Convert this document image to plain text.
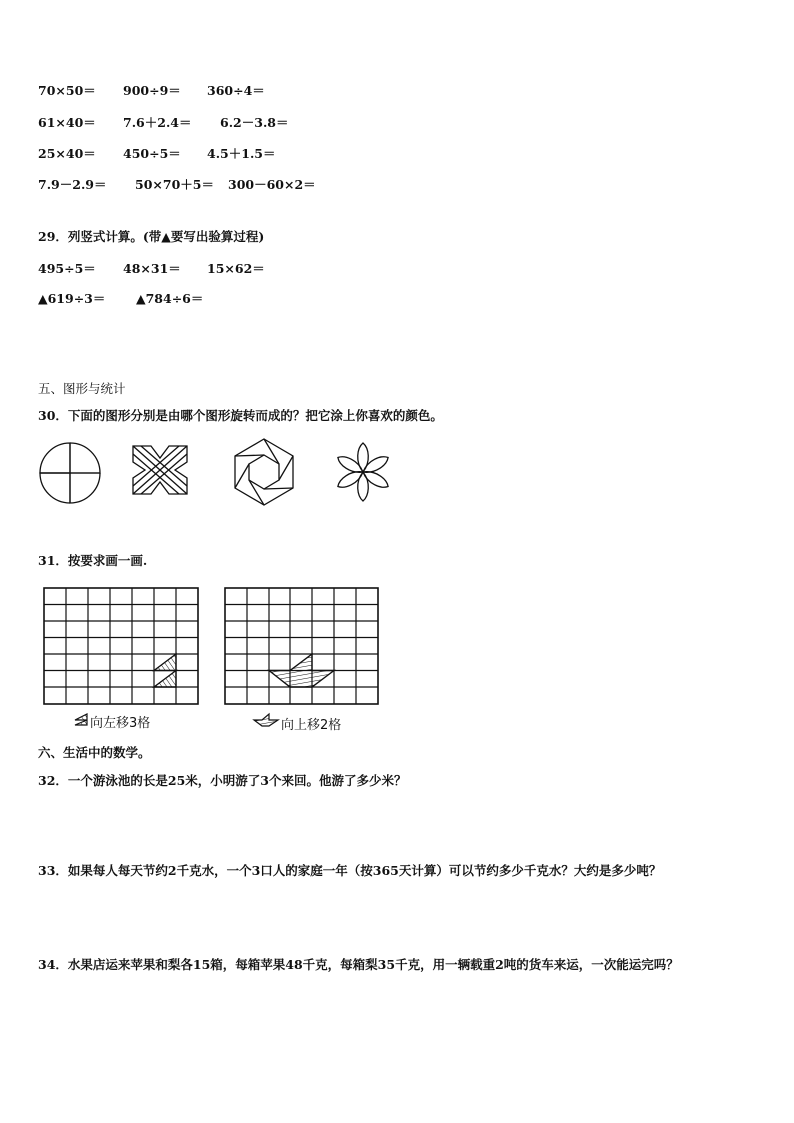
70×50＝ 900÷9＝ 360÷4＝
61×40＝ 7.6＋2.4＝ 6.2－3.8＝
25×40＝ 450÷5＝ 4.5＋1.5＝
7.9－2.9＝ 50×70＋5＝ 300－60×2＝
29．列竖式计算。(带▲要写出验算过程)
495÷5＝ 48×31＝ 15×62＝
▲619÷3＝ ▲784÷6＝
五、图形与统计
30．下面的图形分别是由哪个图形旋转而成的？把它涂上你喜欢的颜色。
31．按要求画一画.
向左移3格	向上移2格
六、生活中的数学。
32．一个游泳池的长是25米，小明游了3个来回。他游了多少米？
33．如果每人每天节约2千克水，一个3口人的家庭一年（按365天计算）可以节约多少千克水？大约是多少吨？
34．水果店运来苹果和梨各15箱，每箱苹果48千克，每箱梨35千克，用一辆载重2吨的货车来运，一次能运完吗？
